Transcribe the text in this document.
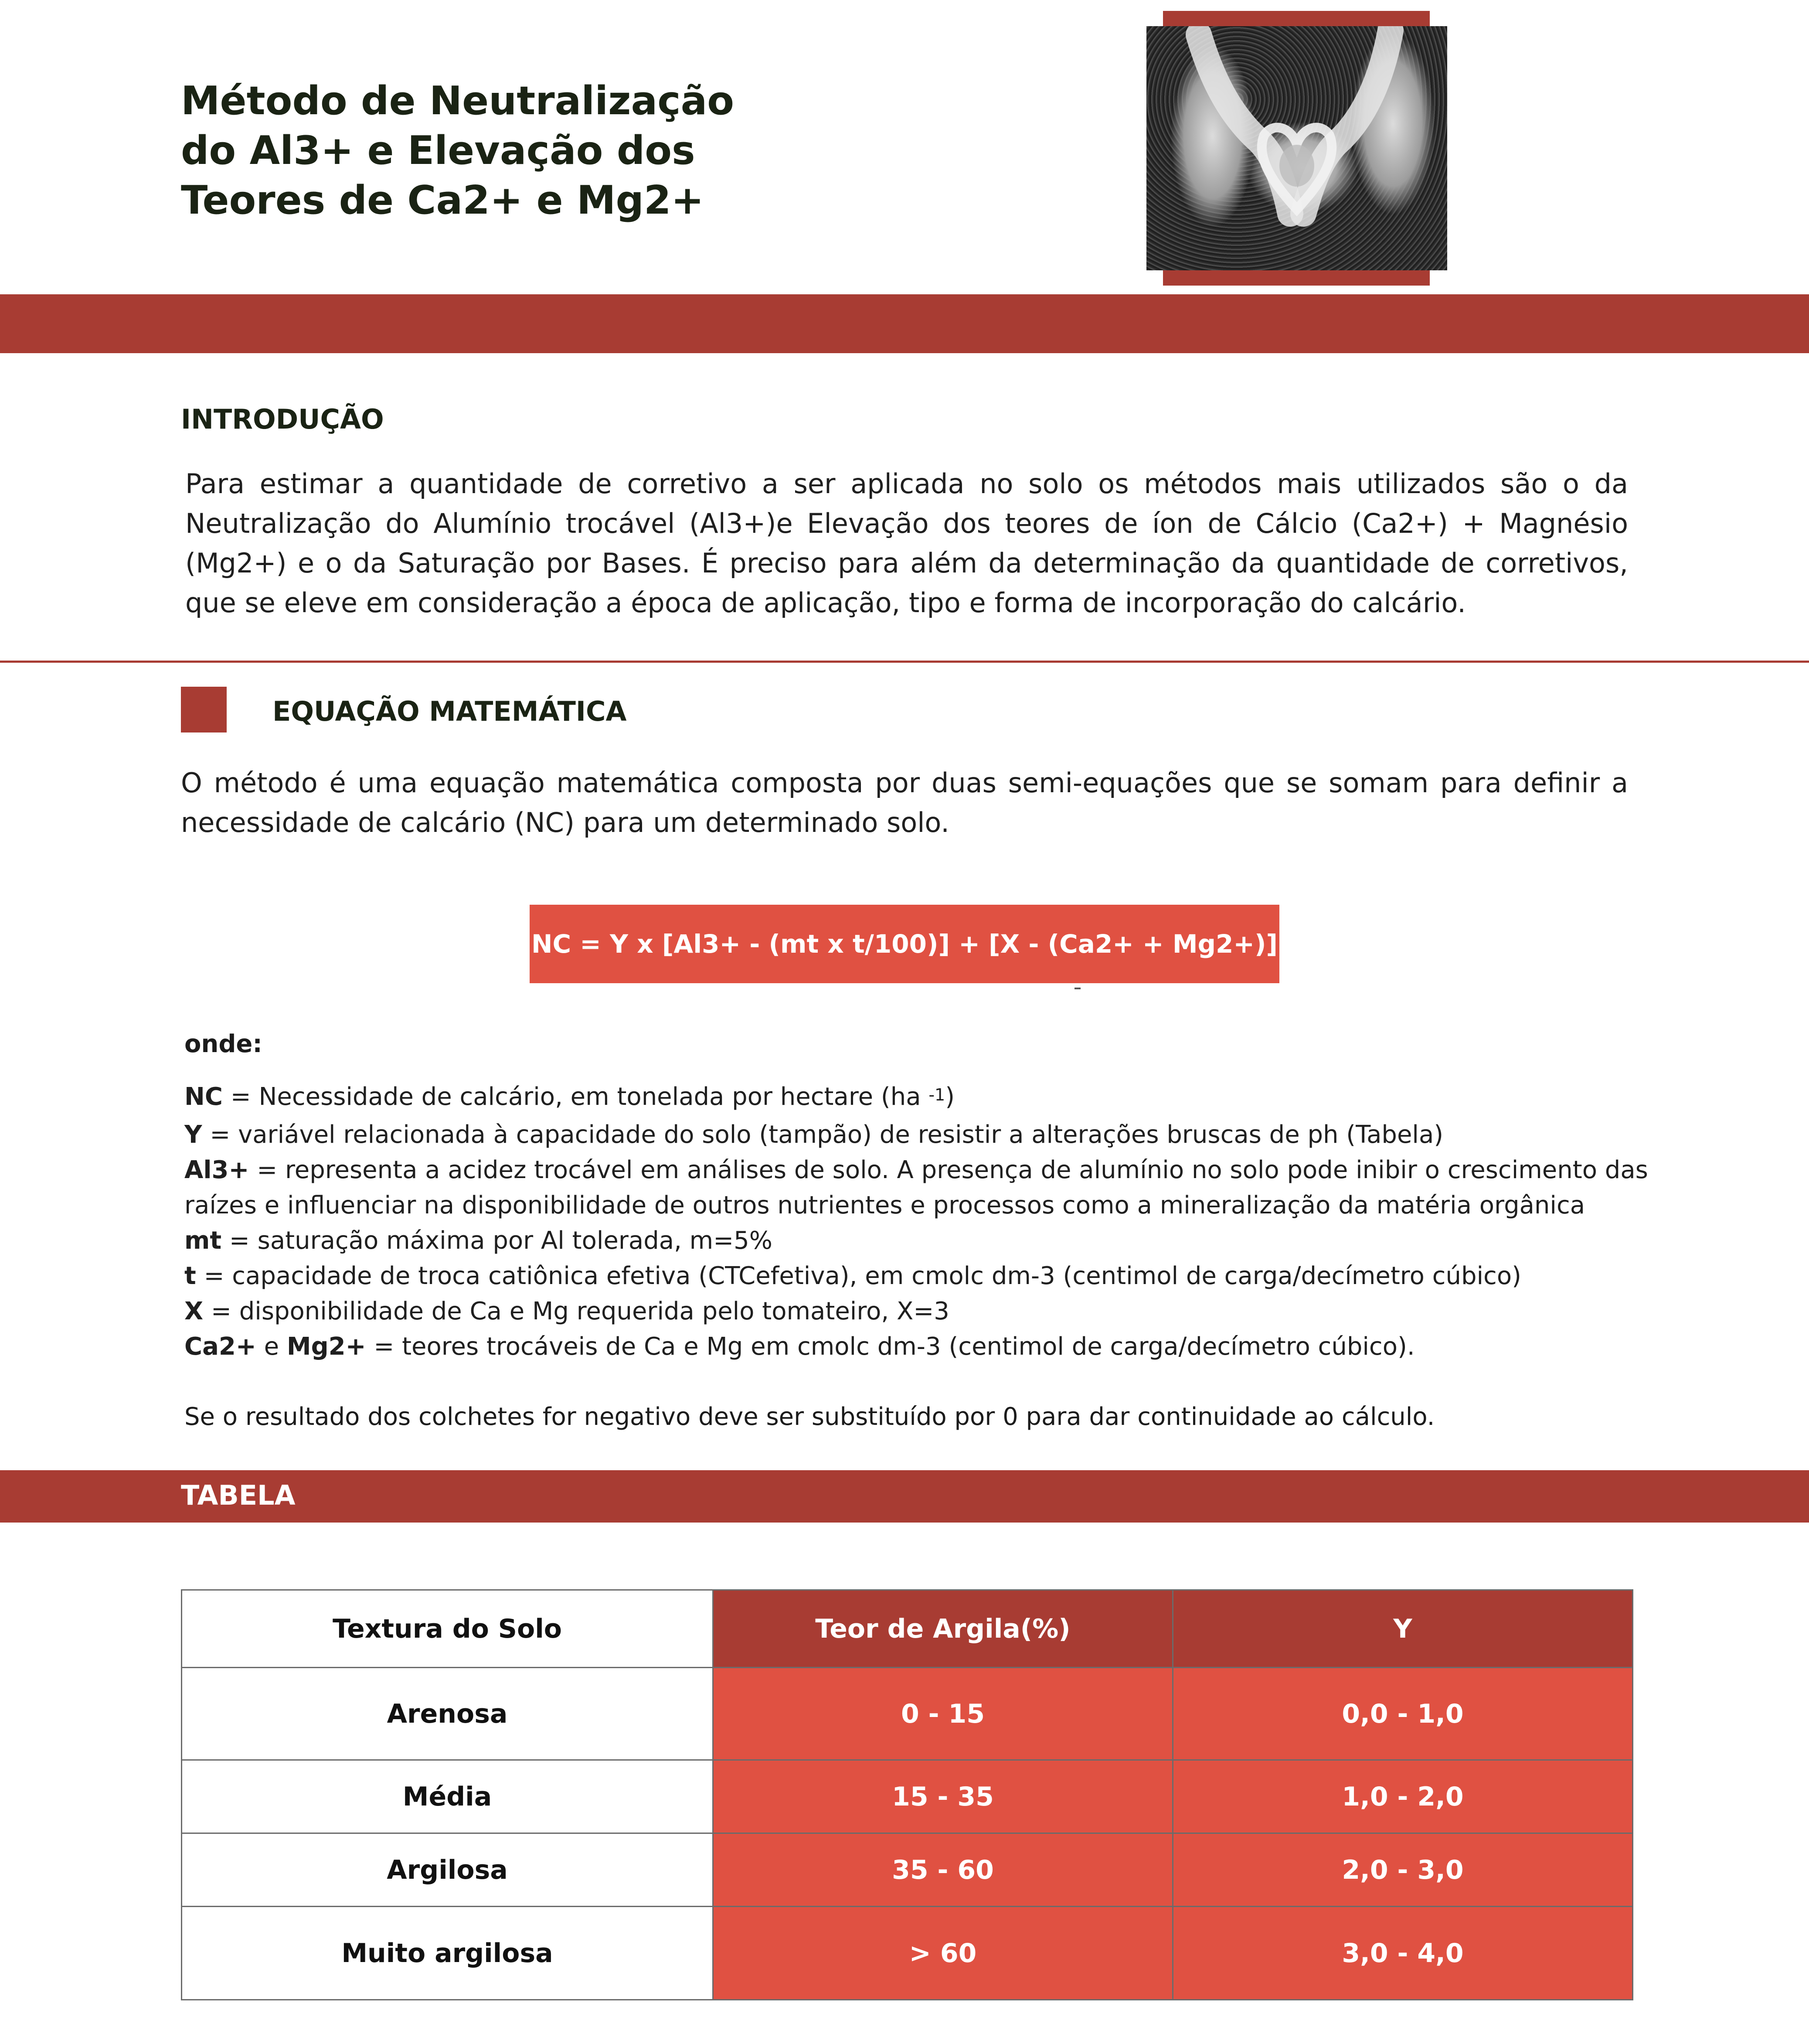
Método de Neutralização
do Al3+ e Elevação dos
Teores de Ca2+ e Mg2+
INTRODUÇÃO
Para estimar a quantidade de corretivo a ser aplicada no solo os métodos mais utilizados são o da Neutralização do Alumínio trocável (Al3+)e Elevação dos teores de íon de Cálcio (Ca2+) + Magnésio (Mg2+) e o da Saturação por Bases. É preciso para além da determinação da quantidade de corretivos, que se eleve em consideração a época de aplicação, tipo e forma de incorporação do calcário.
EQUAÇÃO MATEMÁTICA
O método é uma equação matemática composta por duas semi-equações que se somam para definir a necessidade de calcário (NC) para um determinado solo.
NC = Y x [Al3+ - (mt x t/100)] + [X - (Ca2+ + Mg2+)]
onde:
NC = Necessidade de calcário, em tonelada por hectare (ha $^{-1}$)
Y = variável relacionada à capacidade do solo (tampão) de resistir a alterações bruscas de ph (Tabela)
Al3+ = representa a acidez trocável em análises de solo. A presença de alumínio no solo pode inibir o crescimento das
raízes e influenciar na disponibilidade de outros nutrientes e processos como a mineralização da matéria orgânica
mt = saturação máxima por Al tolerada, m=5%
t = capacidade de troca catiônica efetiva (CTCefetiva), em cmolc dm-3 (centimol de carga/decímetro cúbico)
X = disponibilidade de Ca e Mg requerida pelo tomateiro, X=3
Ca2+ e Mg2+ = teores trocáveis de Ca e Mg em cmolc dm-3 (centimol de carga/decímetro cúbico).
Se o resultado dos colchetes for negativo deve ser substituído por 0 para dar continuidade ao cálculo.
TABELA
Textura do Solo	Teor de Argila(%)	Y
Arenosa	0 - 15	0,0 - 1,0
Média	15 - 35	1,0 - 2,0
Argilosa	35 - 60	2,0 - 3,0
Muito argilosa	> 60	3,0 - 4,0
